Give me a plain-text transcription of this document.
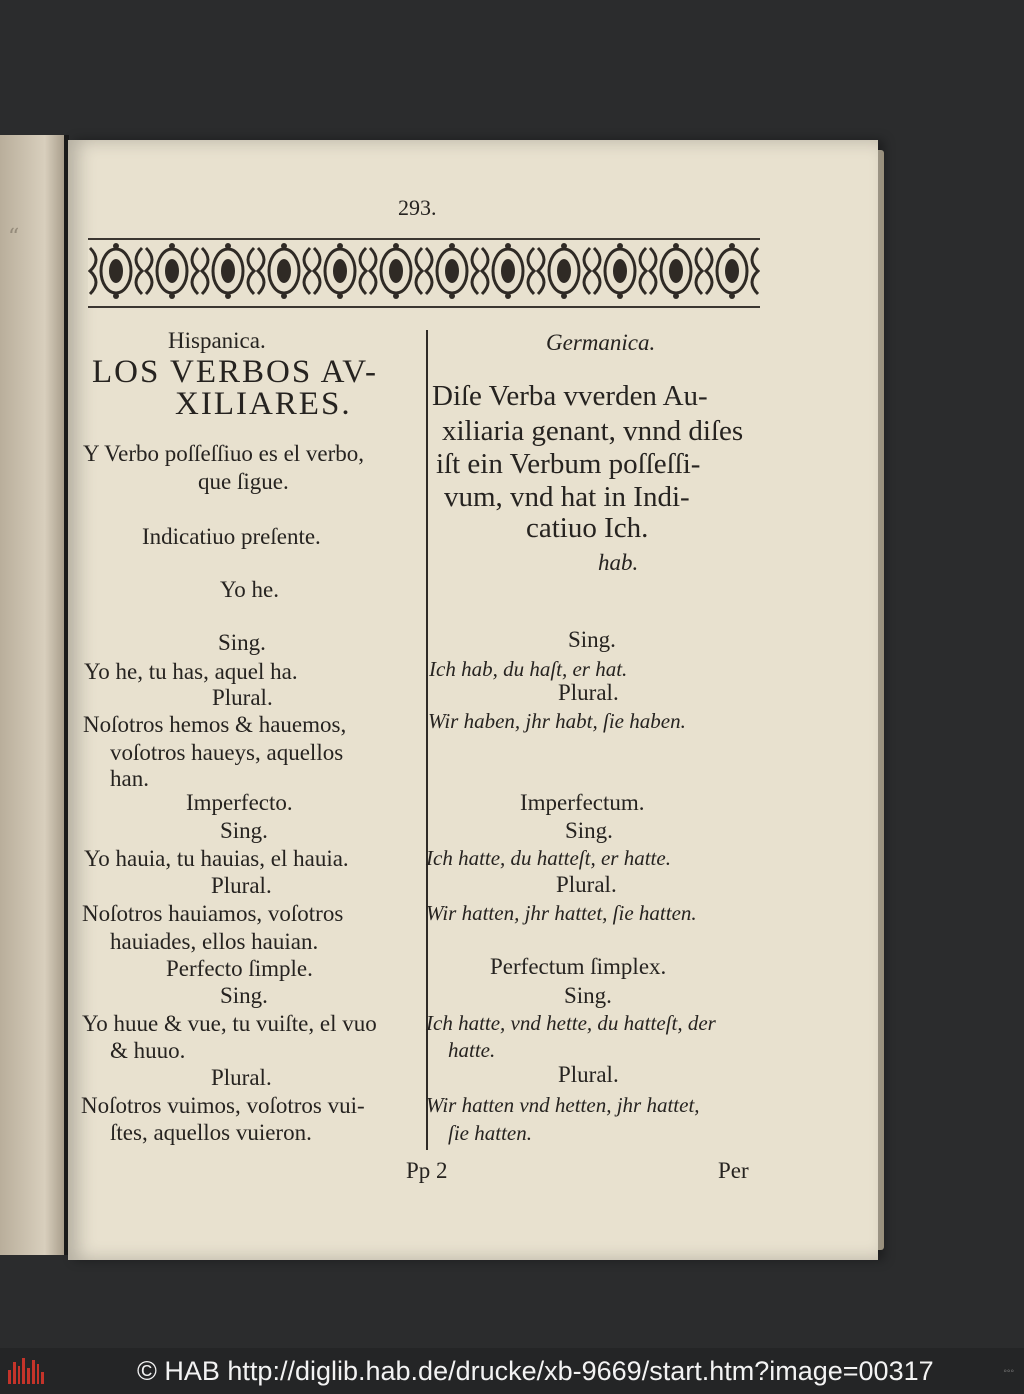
“
293.
Hispanica.
LOS VERBOS AV-
XILIARES.
Y Verbo poſſeſſiuo es el verbo,
que ſigue.
Indicatiuo preſente.
Yo he.
Sing.
Yo he, tu has, aquel ha.
Plural.
Noſotros hemos & hauemos,
voſotros haueys, aquellos
han.
Imperfecto.
Sing.
Yo hauia, tu hauias, el hauia.
Plural.
Noſotros hauiamos, voſotros
hauiades, ellos hauian.
Perfecto ſimple.
Sing.
Yo huue & vue, tu vuiſte, el vuo
& huuo.
Plural.
Noſotros vuimos, voſotros vui-
ſtes, aquellos vuieron.
Germanica.
Diſe Verba vverden Au-
xiliaria genant, vnnd diſes
iſt ein Verbum poſſeſſi-
vum, vnd hat in Indi-
catiuo Ich.
hab.
Sing.
Ich hab, du haſt, er hat.
Plural.
Wir haben, jhr habt, ſie haben.
Imperfectum.
Sing.
Ich hatte, du hatteſt, er hatte.
Plural.
Wir hatten, jhr hattet, ſie hatten.
Perfectum ſimplex.
Sing.
Ich hatte, vnd hette, du hatteſt, der
hatte.
Plural.
Wir hatten vnd hetten, jhr hattet,
ſie hatten.
Pp 2	Per
© HAB http://diglib.hab.de/drucke/xb-9669/start.htm?image=00317	◦◦◦
